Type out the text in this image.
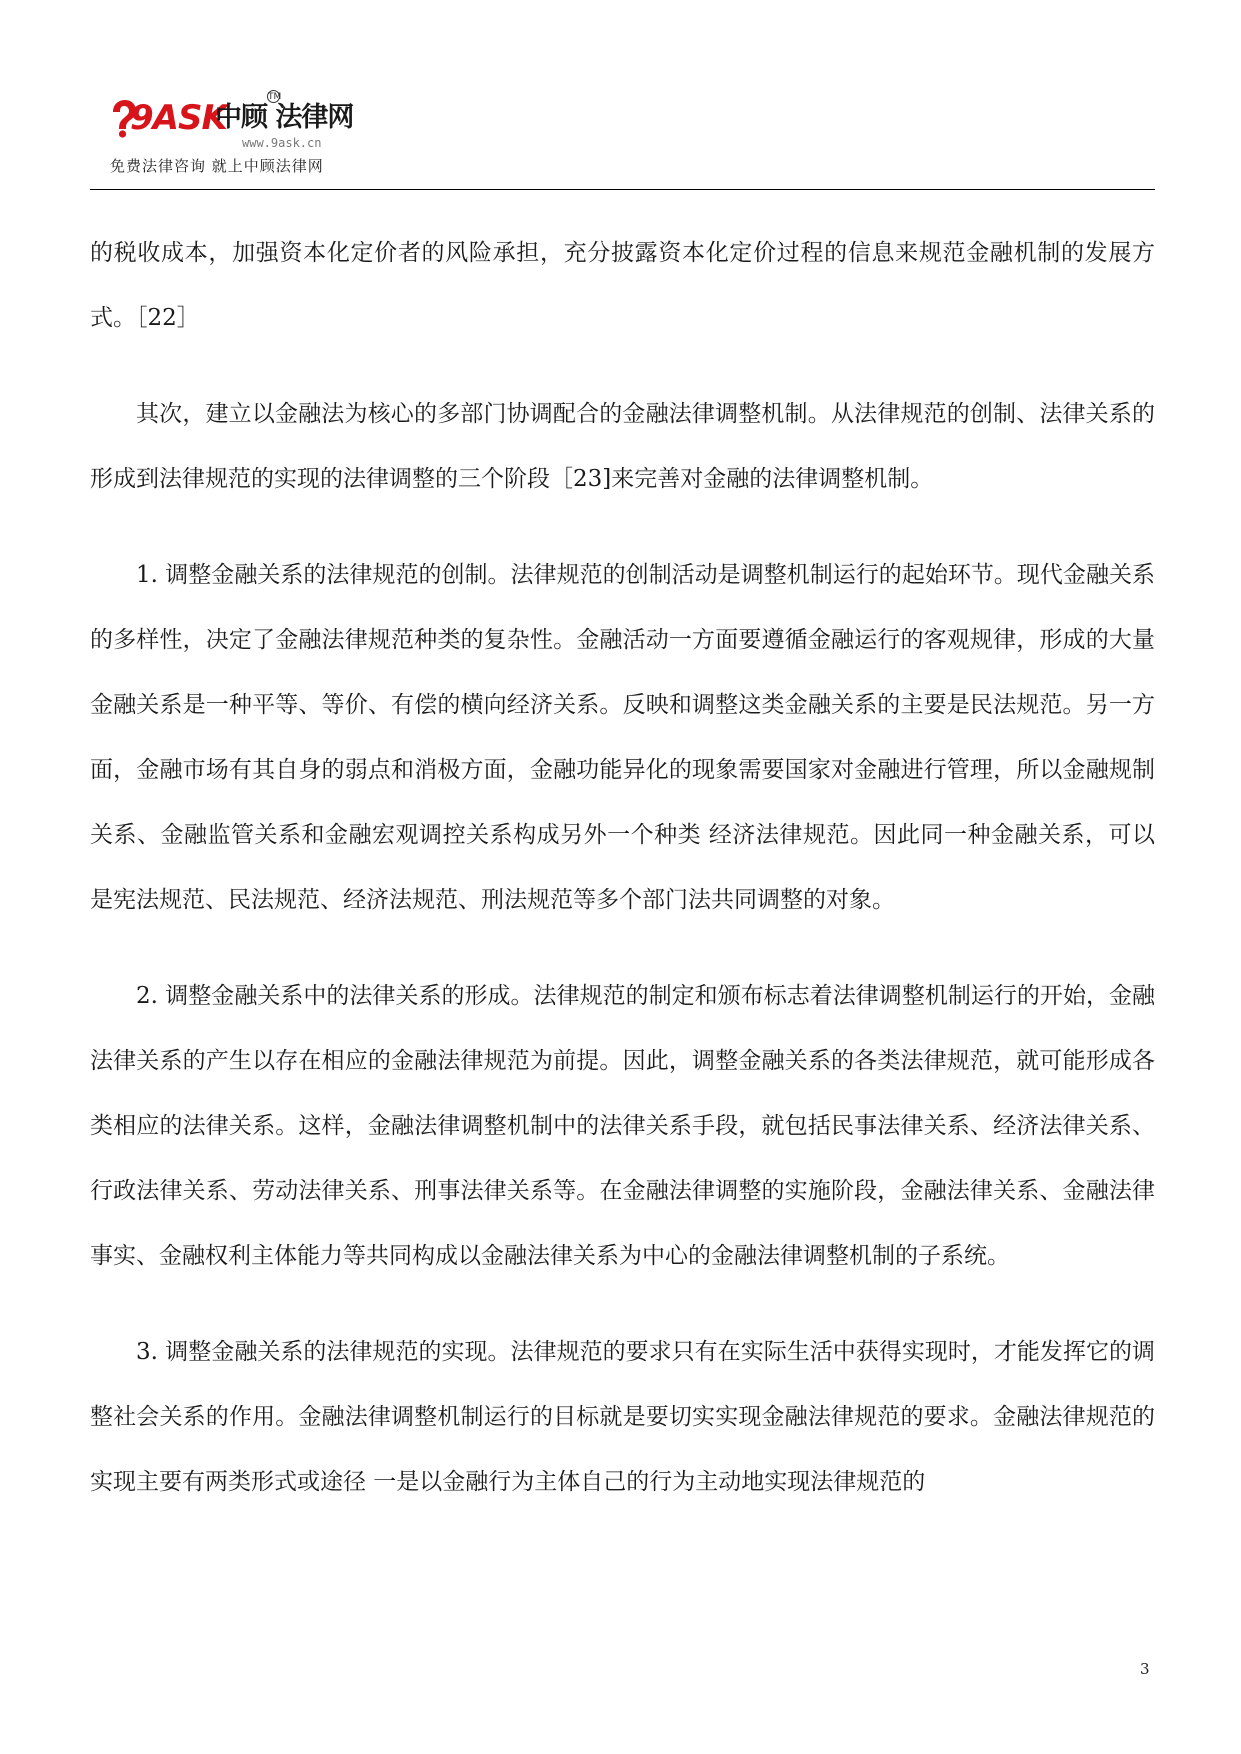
9ASK
中顾 法律网
TM
www.9ask.cn
免费法律咨询 就上中顾法律网

的税收成本，加强资本化定价者的风险承担，充分披露资本化定价过程的信息来规范金融机制的发展方式。［22］

其次，建立以金融法为核心的多部门协调配合的金融法律调整机制。从法律规范的创制、法律关系的形成到法律规范的实现的法律调整的三个阶段［23]来完善对金融的法律调整机制。

1. 调整金融关系的法律规范的创制。法律规范的创制活动是调整机制运行的起始环节。现代金融关系的多样性，决定了金融法律规范种类的复杂性。金融活动一方面要遵循金融运行的客观规律，形成的大量金融关系是一种平等、等价、有偿的横向经济关系。反映和调整这类金融关系的主要是民法规范。另一方面，金融市场有其自身的弱点和消极方面，金融功能异化的现象需要国家对金融进行管理，所以金融规制关系、金融监管关系和金融宏观调控关系构成另外一个种类 经济法律规范。因此同一种金融关系，可以是宪法规范、民法规范、经济法规范、刑法规范等多个部门法共同调整的对象。

2. 调整金融关系中的法律关系的形成。法律规范的制定和颁布标志着法律调整机制运行的开始，金融法律关系的产生以存在相应的金融法律规范为前提。因此，调整金融关系的各类法律规范，就可能形成各类相应的法律关系。这样，金融法律调整机制中的法律关系手段，就包括民事法律关系、经济法律关系、行政法律关系、劳动法律关系、刑事法律关系等。在金融法律调整的实施阶段，金融法律关系、金融法律事实、金融权利主体能力等共同构成以金融法律关系为中心的金融法律调整机制的子系统。

3. 调整金融关系的法律规范的实现。法律规范的要求只有在实际生活中获得实现时，才能发挥它的调整社会关系的作用。金融法律调整机制运行的目标就是要切实实现金融法律规范的要求。金融法律规范的实现主要有两类形式或途径 一是以金融行为主体自己的行为主动地实现法律规范的

3
